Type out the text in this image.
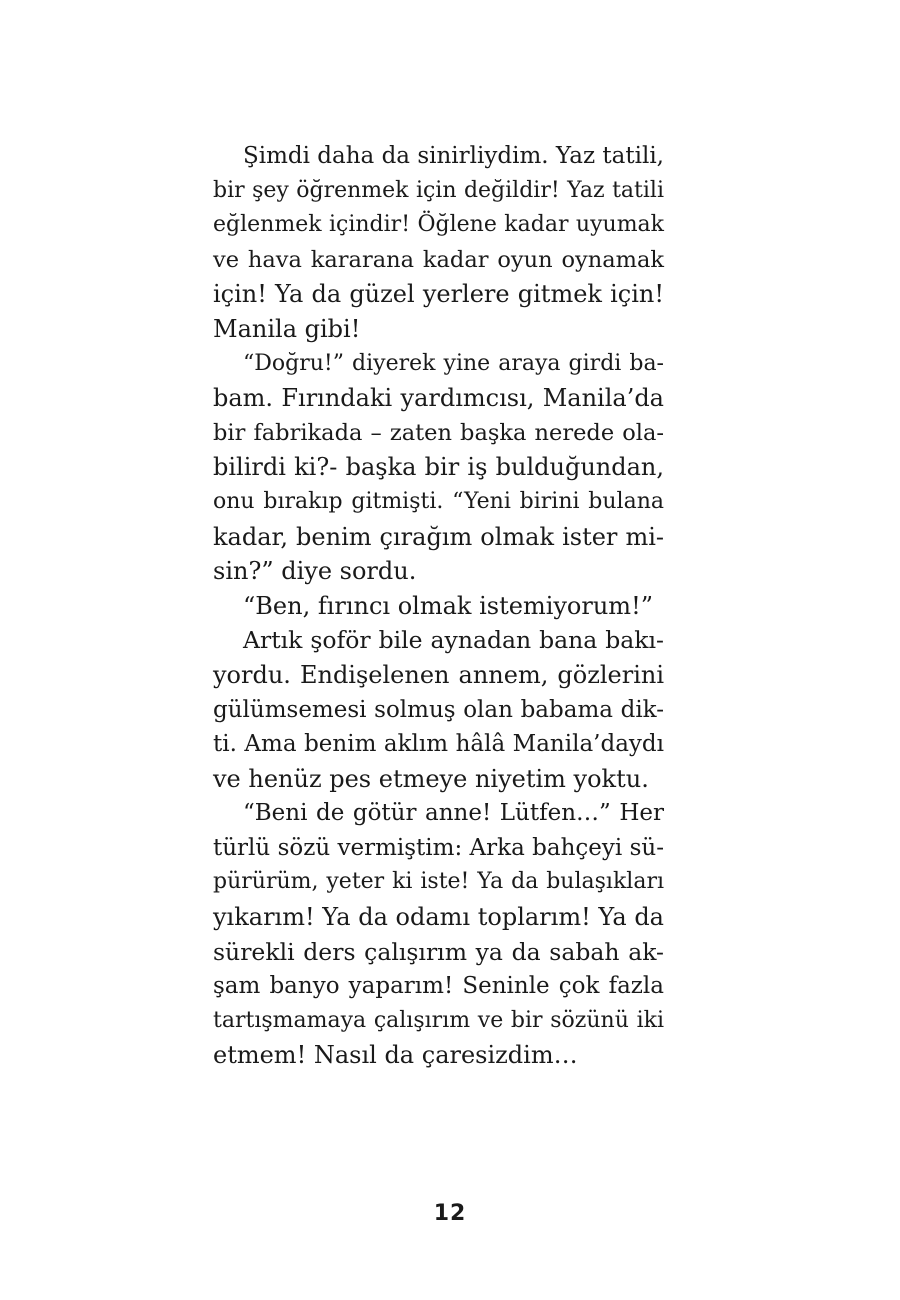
Şimdi daha da sinirliydim. Yaz tatili,
bir şey öğrenmek için değildir! Yaz tatili
eğlenmek içindir! Öğlene kadar uyumak
ve hava kararana kadar oyun oynamak
için! Ya da güzel yerlere gitmek için!
Manila gibi!

“Doğru!” diyerek yine araya girdi ba-
bam. Fırındaki yardımcısı, Manila’da
bir fabrikada – zaten başka nerede ola-
bilirdi ki?- başka bir iş bulduğundan,
onu bırakıp gitmişti. “Yeni birini bulana
kadar, benim çırağım olmak ister mi-
sin?” diye sordu.

“Ben, fırıncı olmak istemiyorum!”

Artık şoför bile aynadan bana bakı-
yordu. Endişelenen annem, gözlerini
gülümsemesi solmuş olan babama dik-
ti. Ama benim aklım hâlâ Manila’daydı
ve henüz pes etmeye niyetim yoktu.

“Beni de götür anne! Lütfen…” Her
türlü sözü vermiştim: Arka bahçeyi sü-
pürürüm, yeter ki iste! Ya da bulaşıkları
yıkarım! Ya da odamı toplarım! Ya da
sürekli ders çalışırım ya da sabah ak-
şam banyo yaparım! Seninle çok fazla
tartışmamaya çalışırım ve bir sözünü iki
etmem! Nasıl da çaresizdim…

12
